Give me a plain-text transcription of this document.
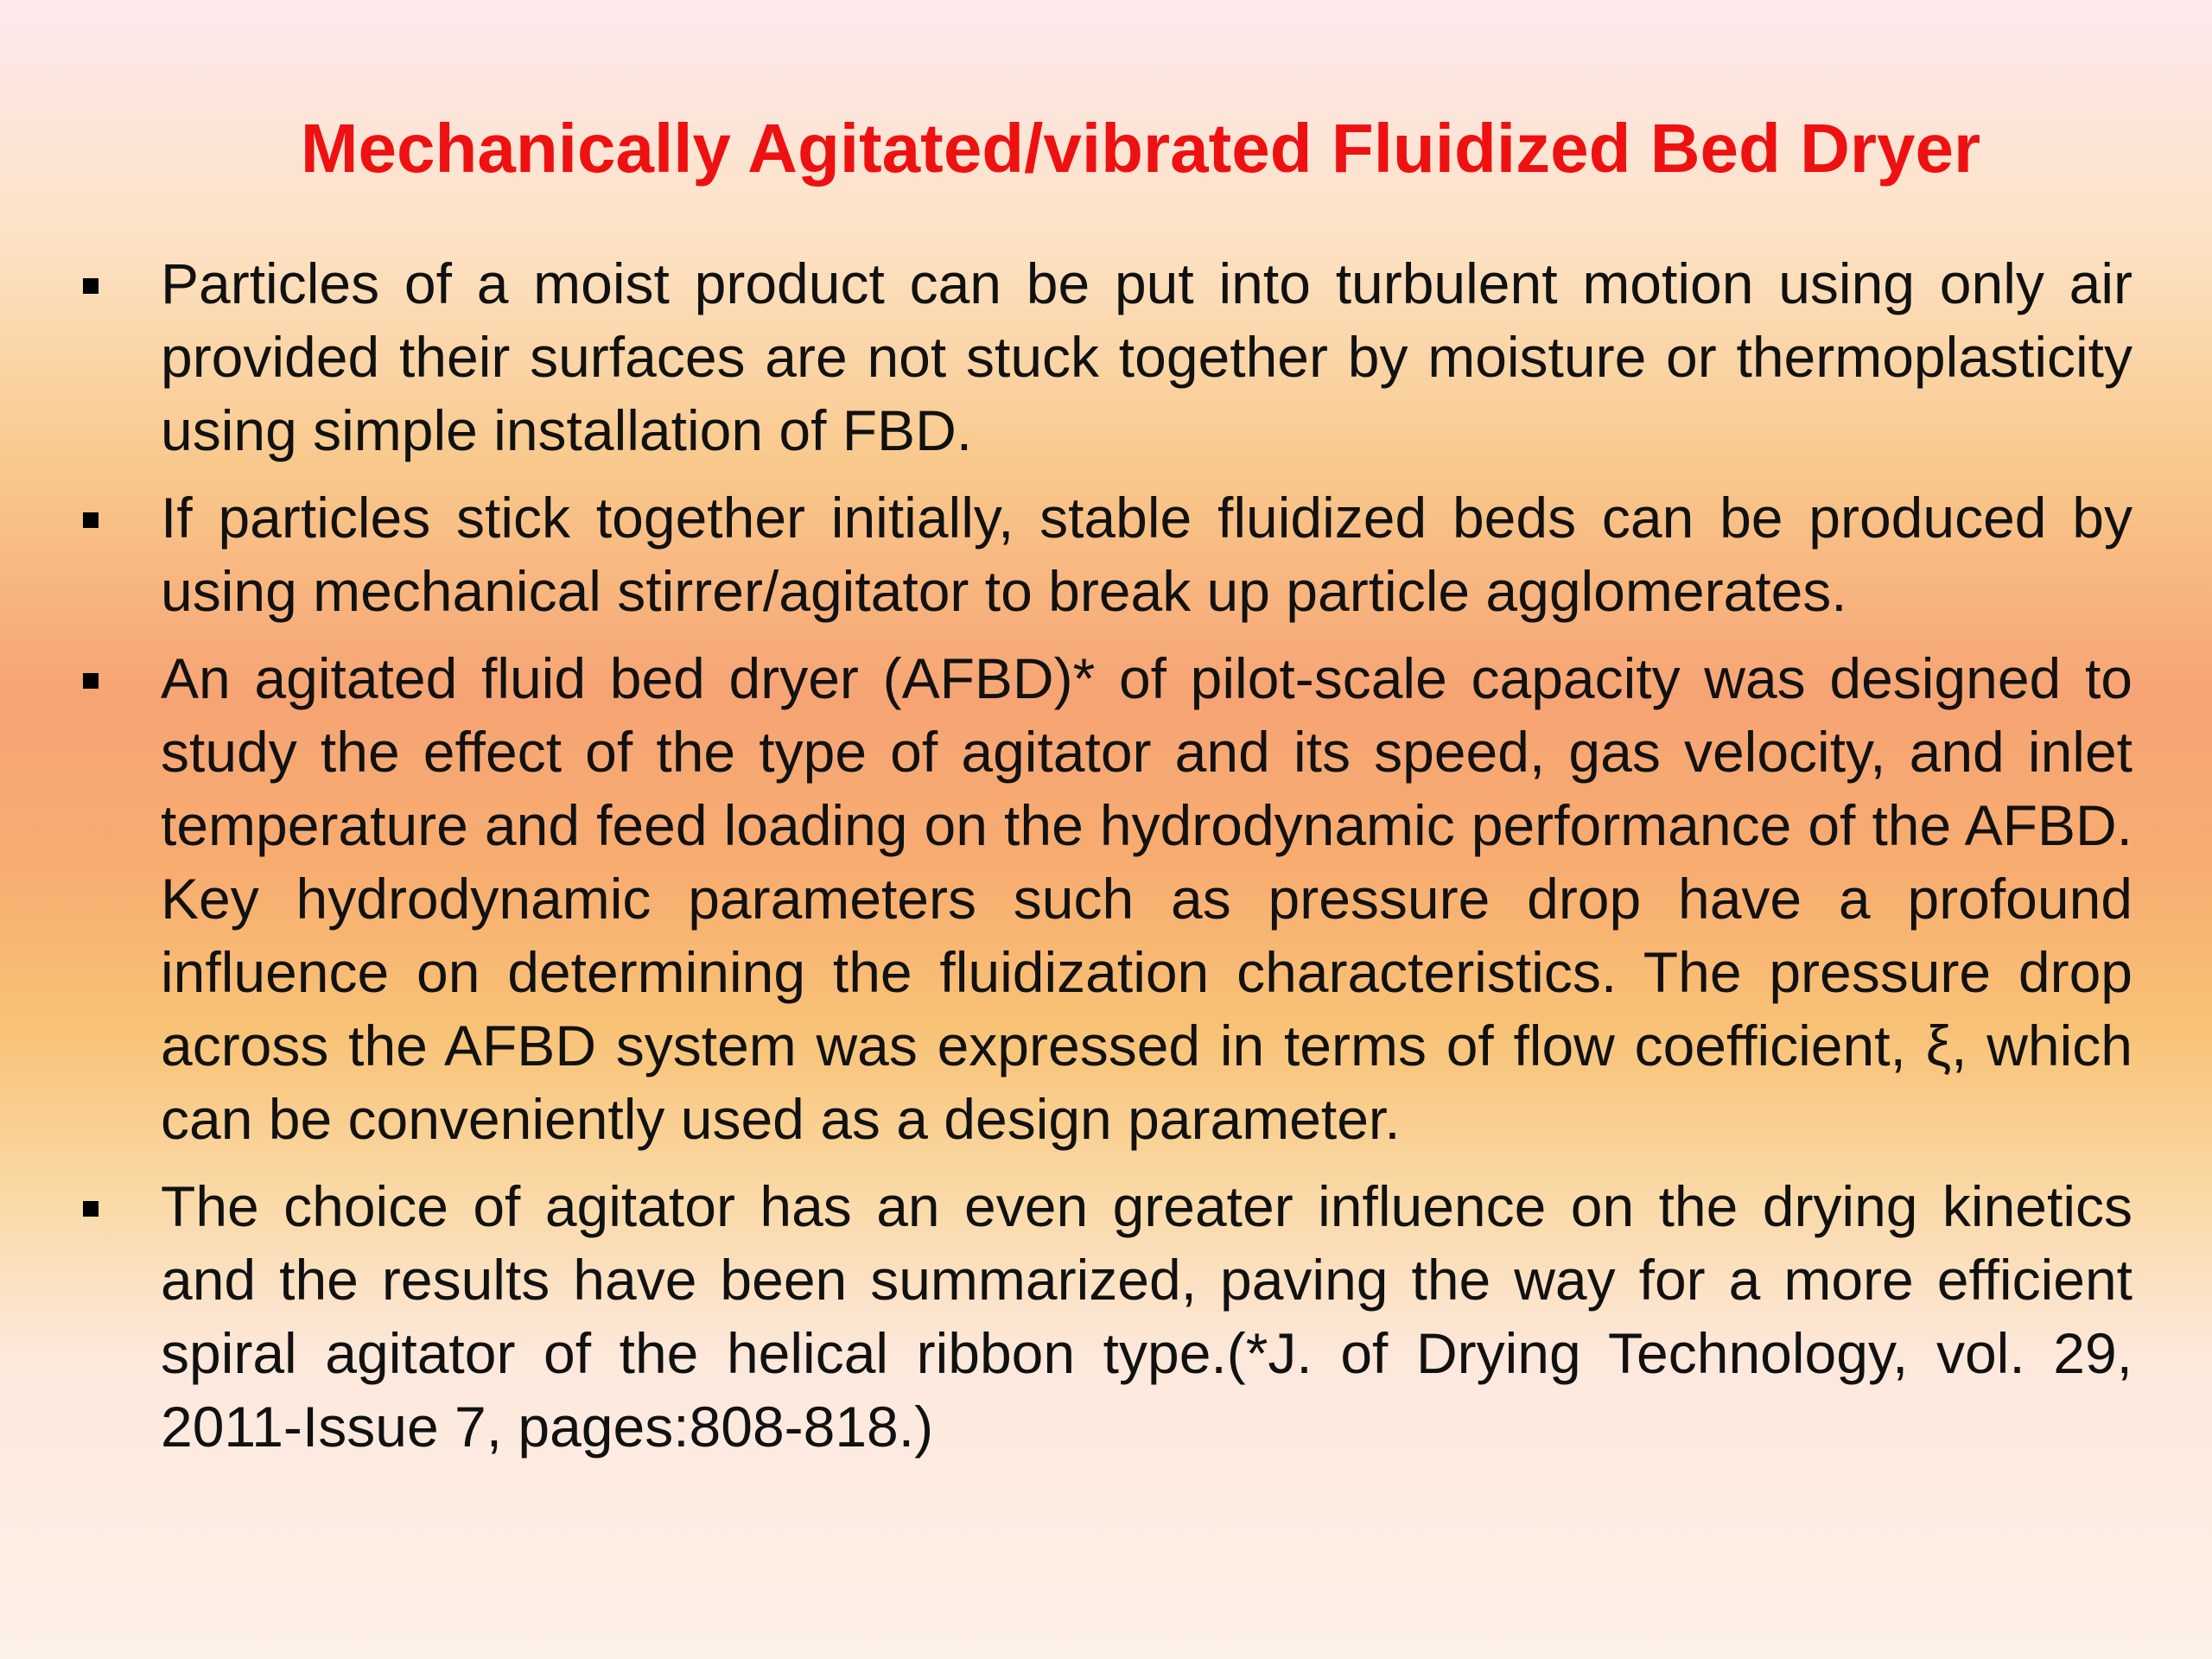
Mechanically Agitated/vibrated Fluidized Bed Dryer
Particles of a moist product can be put into turbulent motion using only air provided their surfaces are not stuck together by moisture or thermoplasticity using simple installation of FBD.
If particles stick together initially, stable fluidized beds can be produced by using mechanical stirrer/agitator to break up particle agglomerates.
An agitated fluid bed dryer (AFBD)* of pilot-scale capacity was designed to study the effect of the type of agitator and its speed, gas velocity, and inlet temperature and feed loading on the hydrodynamic performance of the AFBD. Key hydrodynamic parameters such as pressure drop have a profound influence on determining the fluidization characteristics. The pressure drop across the AFBD system was expressed in terms of flow coefficient, ξ, which can be conveniently used as a design parameter.
The choice of agitator has an even greater influence on the drying kinetics and the results have been summarized, paving the way for a more efficient spiral agitator of the helical ribbon type.(*J. of Drying Technology, vol. 29, 2011-Issue 7, pages:808-818.)
